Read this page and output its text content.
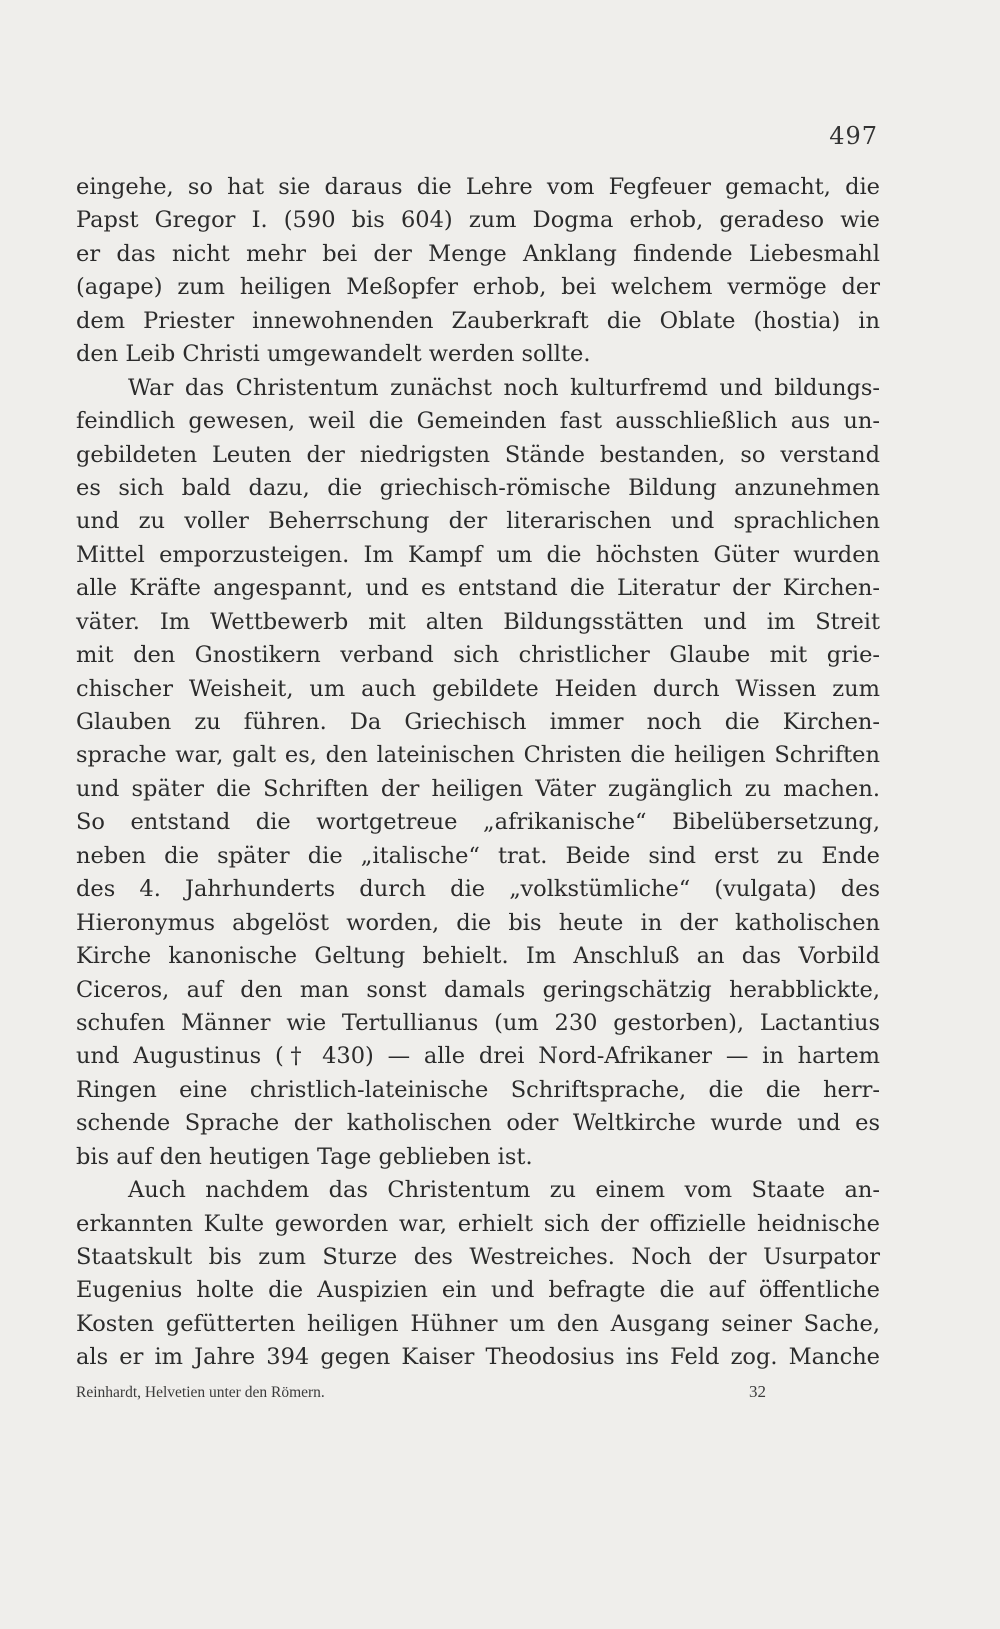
497
eingehe, so hat sie daraus die Lehre vom Fegfeuer gemacht, die
Papst Gregor I. (590 bis 604) zum Dogma erhob, geradeso wie
er das nicht mehr bei der Menge Anklang findende Liebesmahl
(agape) zum heiligen Meßopfer erhob, bei welchem vermöge der
dem Priester innewohnenden Zauberkraft die Oblate (hostia) in
den Leib Christi umgewandelt werden sollte.
War das Christentum zunächst noch kulturfremd und bildungs-
feindlich gewesen, weil die Gemeinden fast ausschließlich aus un-
gebildeten Leuten der niedrigsten Stände bestanden, so verstand
es sich bald dazu, die griechisch-römische Bildung anzunehmen
und zu voller Beherrschung der literarischen und sprachlichen
Mittel emporzusteigen. Im Kampf um die höchsten Güter wurden
alle Kräfte angespannt, und es entstand die Literatur der Kirchen-
väter. Im Wettbewerb mit alten Bildungsstätten und im Streit
mit den Gnostikern verband sich christlicher Glaube mit grie-
chischer Weisheit, um auch gebildete Heiden durch Wissen zum
Glauben zu führen. Da Griechisch immer noch die Kirchen-
sprache war, galt es, den lateinischen Christen die heiligen Schriften
und später die Schriften der heiligen Väter zugänglich zu machen.
So entstand die wortgetreue „afrikanische“ Bibelübersetzung,
neben die später die „italische“ trat. Beide sind erst zu Ende
des 4. Jahrhunderts durch die „volkstümliche“ (vulgata) des
Hieronymus abgelöst worden, die bis heute in der katholischen
Kirche kanonische Geltung behielt. Im Anschluß an das Vorbild
Ciceros, auf den man sonst damals geringschätzig herabblickte,
schufen Männer wie Tertullianus (um 230 gestorben), Lactantius
und Augustinus († 430) — alle drei Nord-Afrikaner — in hartem
Ringen eine christlich-lateinische Schriftsprache, die die herr-
schende Sprache der katholischen oder Weltkirche wurde und es
bis auf den heutigen Tage geblieben ist.
Auch nachdem das Christentum zu einem vom Staate an-
erkannten Kulte geworden war, erhielt sich der offizielle heidnische
Staatskult bis zum Sturze des Westreiches. Noch der Usurpator
Eugenius holte die Auspizien ein und befragte die auf öffentliche
Kosten gefütterten heiligen Hühner um den Ausgang seiner Sache,
als er im Jahre 394 gegen Kaiser Theodosius ins Feld zog. Manche
Reinhardt, Helvetien unter den Römern.	32
